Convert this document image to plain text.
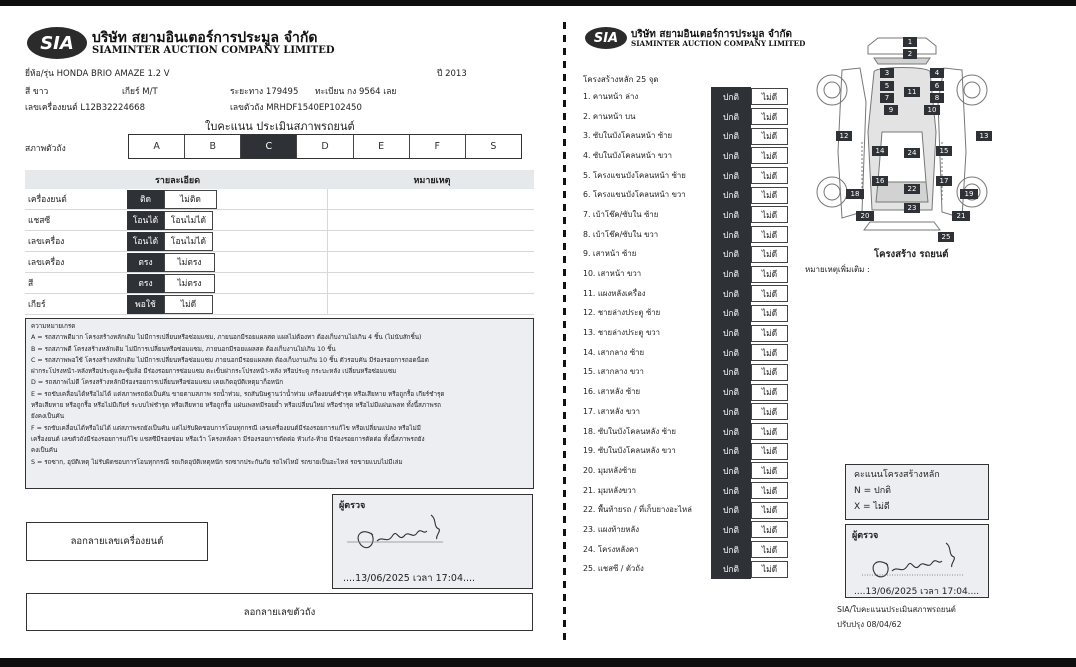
SIA	บริษัท สยามอินเตอร์การประมูล จำกัด
SIAMINTER AUCTION COMPANY LIMITED
ยี่ห้อ/รุ่น HONDA BRIO AMAZE 1.2 V	ปี 2013
สี ขาว	เกียร์ M/T	ระยะทาง 179495 ทะเบียน กง 9564 เลย
เลขเครื่องยนต์ L12B32224668	เลขตัวถัง MRHDF1540EP102450
ใบคะแนน ประเมินสภาพรถยนต์
สภาพตัวถัง	A	B	C	D	E	F	S
รายละเอียด	หมายเหตุ
เครื่องยนต์	ติด	ไม่ติด
แชสซี	โอนได้	โอนไม่ได้
เลขเครื่อง	โอนได้	โอนไม่ได้
เลขเครื่อง	ตรง	ไม่ตรง
สี	ตรง	ไม่ตรง
เกียร์	พอใช้	ไม่ดี
ความหมายเกรด
A = รถสภาพดีมาก โครงสร้างหลักเดิม ไม่มีการเปลี่ยนหรือซ่อมแซม, ภายนอกมีรอยแผลสด แผลไม่ต้องทา ต้องเก็บงานไม่เกิน 4 ชิ้น (ไม่นับสักชิ้น)
B = รถสภาพดี โครงสร้างหลักเดิม ไม่มีการเปลี่ยนหรือซ่อมแซม, ภายนอกมีรอยแผลสด ต้องเก็บงานไม่เกิน 10 ชิ้น
C = รถสภาพพอใช้ โครงสร้างหลักเดิม ไม่มีการเปลี่ยนหรือซ่อมแซม ภายนอกมีรอยแผลสด ต้องเก็บงานเกิน 10 ชิ้น ตัวรอบคัน มีร่องรอยการถอดน็อต
ฝากระโปรงหน้า-หลังหรือประตูและซุ้มล้อ มีร่องรอยการซ่อมแซม ตะเข็บฝากระโปรงหน้า-หลัง หรือประตู กระบะหลัง เปลี่ยนหรือซ่อมแซม
D = รถสภาพไม่ดี โครงสร้างหลักมีร่องรอยการเปลี่ยนหรือซ่อมแซม เคยเกิดอุบัติเหตุมาก็อหนัก
E = รถขับเคลื่อนได้หรือไม่ได้ แต่สภาพรถยังเป็นคัน ขายตามสภาพ รถน้ำท่วม, รถสันนิษฐานว่าน้ำท่วม เครื่องยนต์ชำรุด หรือเสียหาย หรือถูกรื้อ เกียร์ชำรุด
หรือเสียหาย หรือถูกรื้อ หรือไม่มีเกียร์ ระบบไฟชำรุด หรือเสียหาย หรือถูกรื้อ แผ่นเพลทมีรอยย้ำ หรือเปลี่ยนใหม่ หรือชำรุด หรือไม่มีแผ่นเพลท ทั้งนี้สภาพรถ
ยังคงเป็นคัน
F = รถขับเคลื่อนได้หรือไม่ได้ แต่สภาพรถยังเป็นคัน แต่ไม่รับผิดชอบการโอนทุกกรณี เลขเครื่องยนต์มีร่องรอยการแก้ไข หรือเปลี่ยนแปลง หรือไม่มี
เครื่องยนต์ เลขตัวถังมีร่องรอยการแก้ไข แชสซีมีรอยซ่อม หรือเว้า โครงหลังคา มีร่องรอยการตัดต่อ หัวเก๋ง-ท้าย มีร่องรอยการตัดต่อ ทั้งนี้สภาพรถยัง
คงเป็นคัน
S = รถซาก, อุบัติเหตุ ไม่รับผิดชอบการโอนทุกกรณี รถเกิดอุบัติเหตุหนัก รถซากประกันภัย รถไฟไหม้ รถขายเป็นอะไหล่ รถขายแบบไม่มีเล่ม
ลอกลายเลขเครื่องยนต์
ผู้ตรวจ
....13/06/2025 เวลา 17:04....
ลอกลายเลขตัวถัง
SIA	บริษัท สยามอินเตอร์การประมูล จำกัด
SIAMINTER AUCTION COMPANY LIMITED
โครงสร้างหลัก 25 จุด
1. คานหน้า ล่าง	ปกติ	ไม่ดี
2. คานหน้า บน	ปกติ	ไม่ดี
3. ซับในบังโคลนหน้า ซ้าย	ปกติ	ไม่ดี
4. ซับในบังโคลนหน้า ขวา	ปกติ	ไม่ดี
5. โครงแขนบังโคลนหน้า ซ้าย	ปกติ	ไม่ดี
6. โครงแขนบังโคลนหน้า ขวา	ปกติ	ไม่ดี
7. เบ้าโช๊ค/ซับใน ซ้าย	ปกติ	ไม่ดี
8. เบ้าโช๊ค/ซับใน ขวา	ปกติ	ไม่ดี
9. เสาหน้า ซ้าย	ปกติ	ไม่ดี
10. เสาหน้า ขวา	ปกติ	ไม่ดี
11. แผงหลังเครื่อง	ปกติ	ไม่ดี
12. ชายล่างประตู ซ้าย	ปกติ	ไม่ดี
13. ชายล่างประตู ขวา	ปกติ	ไม่ดี
14. เสากลาง ซ้าย	ปกติ	ไม่ดี
15. เสากลาง ขวา	ปกติ	ไม่ดี
16. เสาหลัง ซ้าย	ปกติ	ไม่ดี
17. เสาหลัง ขวา	ปกติ	ไม่ดี
18. ซับในบังโคลนหลัง ซ้าย	ปกติ	ไม่ดี
19. ซับในบังโคลนหลัง ขวา	ปกติ	ไม่ดี
20. มุมหลังซ้าย	ปกติ	ไม่ดี
21. มุมหลังขวา	ปกติ	ไม่ดี
22. พื้นท้ายรถ / ที่เก็บยางอะไหล่	ปกติ	ไม่ดี
23. แผงท้ายหลัง	ปกติ	ไม่ดี
24. โครงหลังคา	ปกติ	ไม่ดี
25. แชสซี / ตัวถัง	ปกติ	ไม่ดี
1
2
3	4
5	6
7	8
9	10
11
12	13
14	15
16	17
18	19
20	21
22
23
24
25
โครงสร้าง รถยนต์
หมายเหตุเพิ่มเติม :
คะแนนโครงสร้างหลัก
N = ปกติ
X = ไม่ดี
ผู้ตรวจ
....13/06/2025 เวลา 17:04....
SIA/ใบคะแนนประเมินสภาพรถยนต์
ปรับปรุง 08/04/62
